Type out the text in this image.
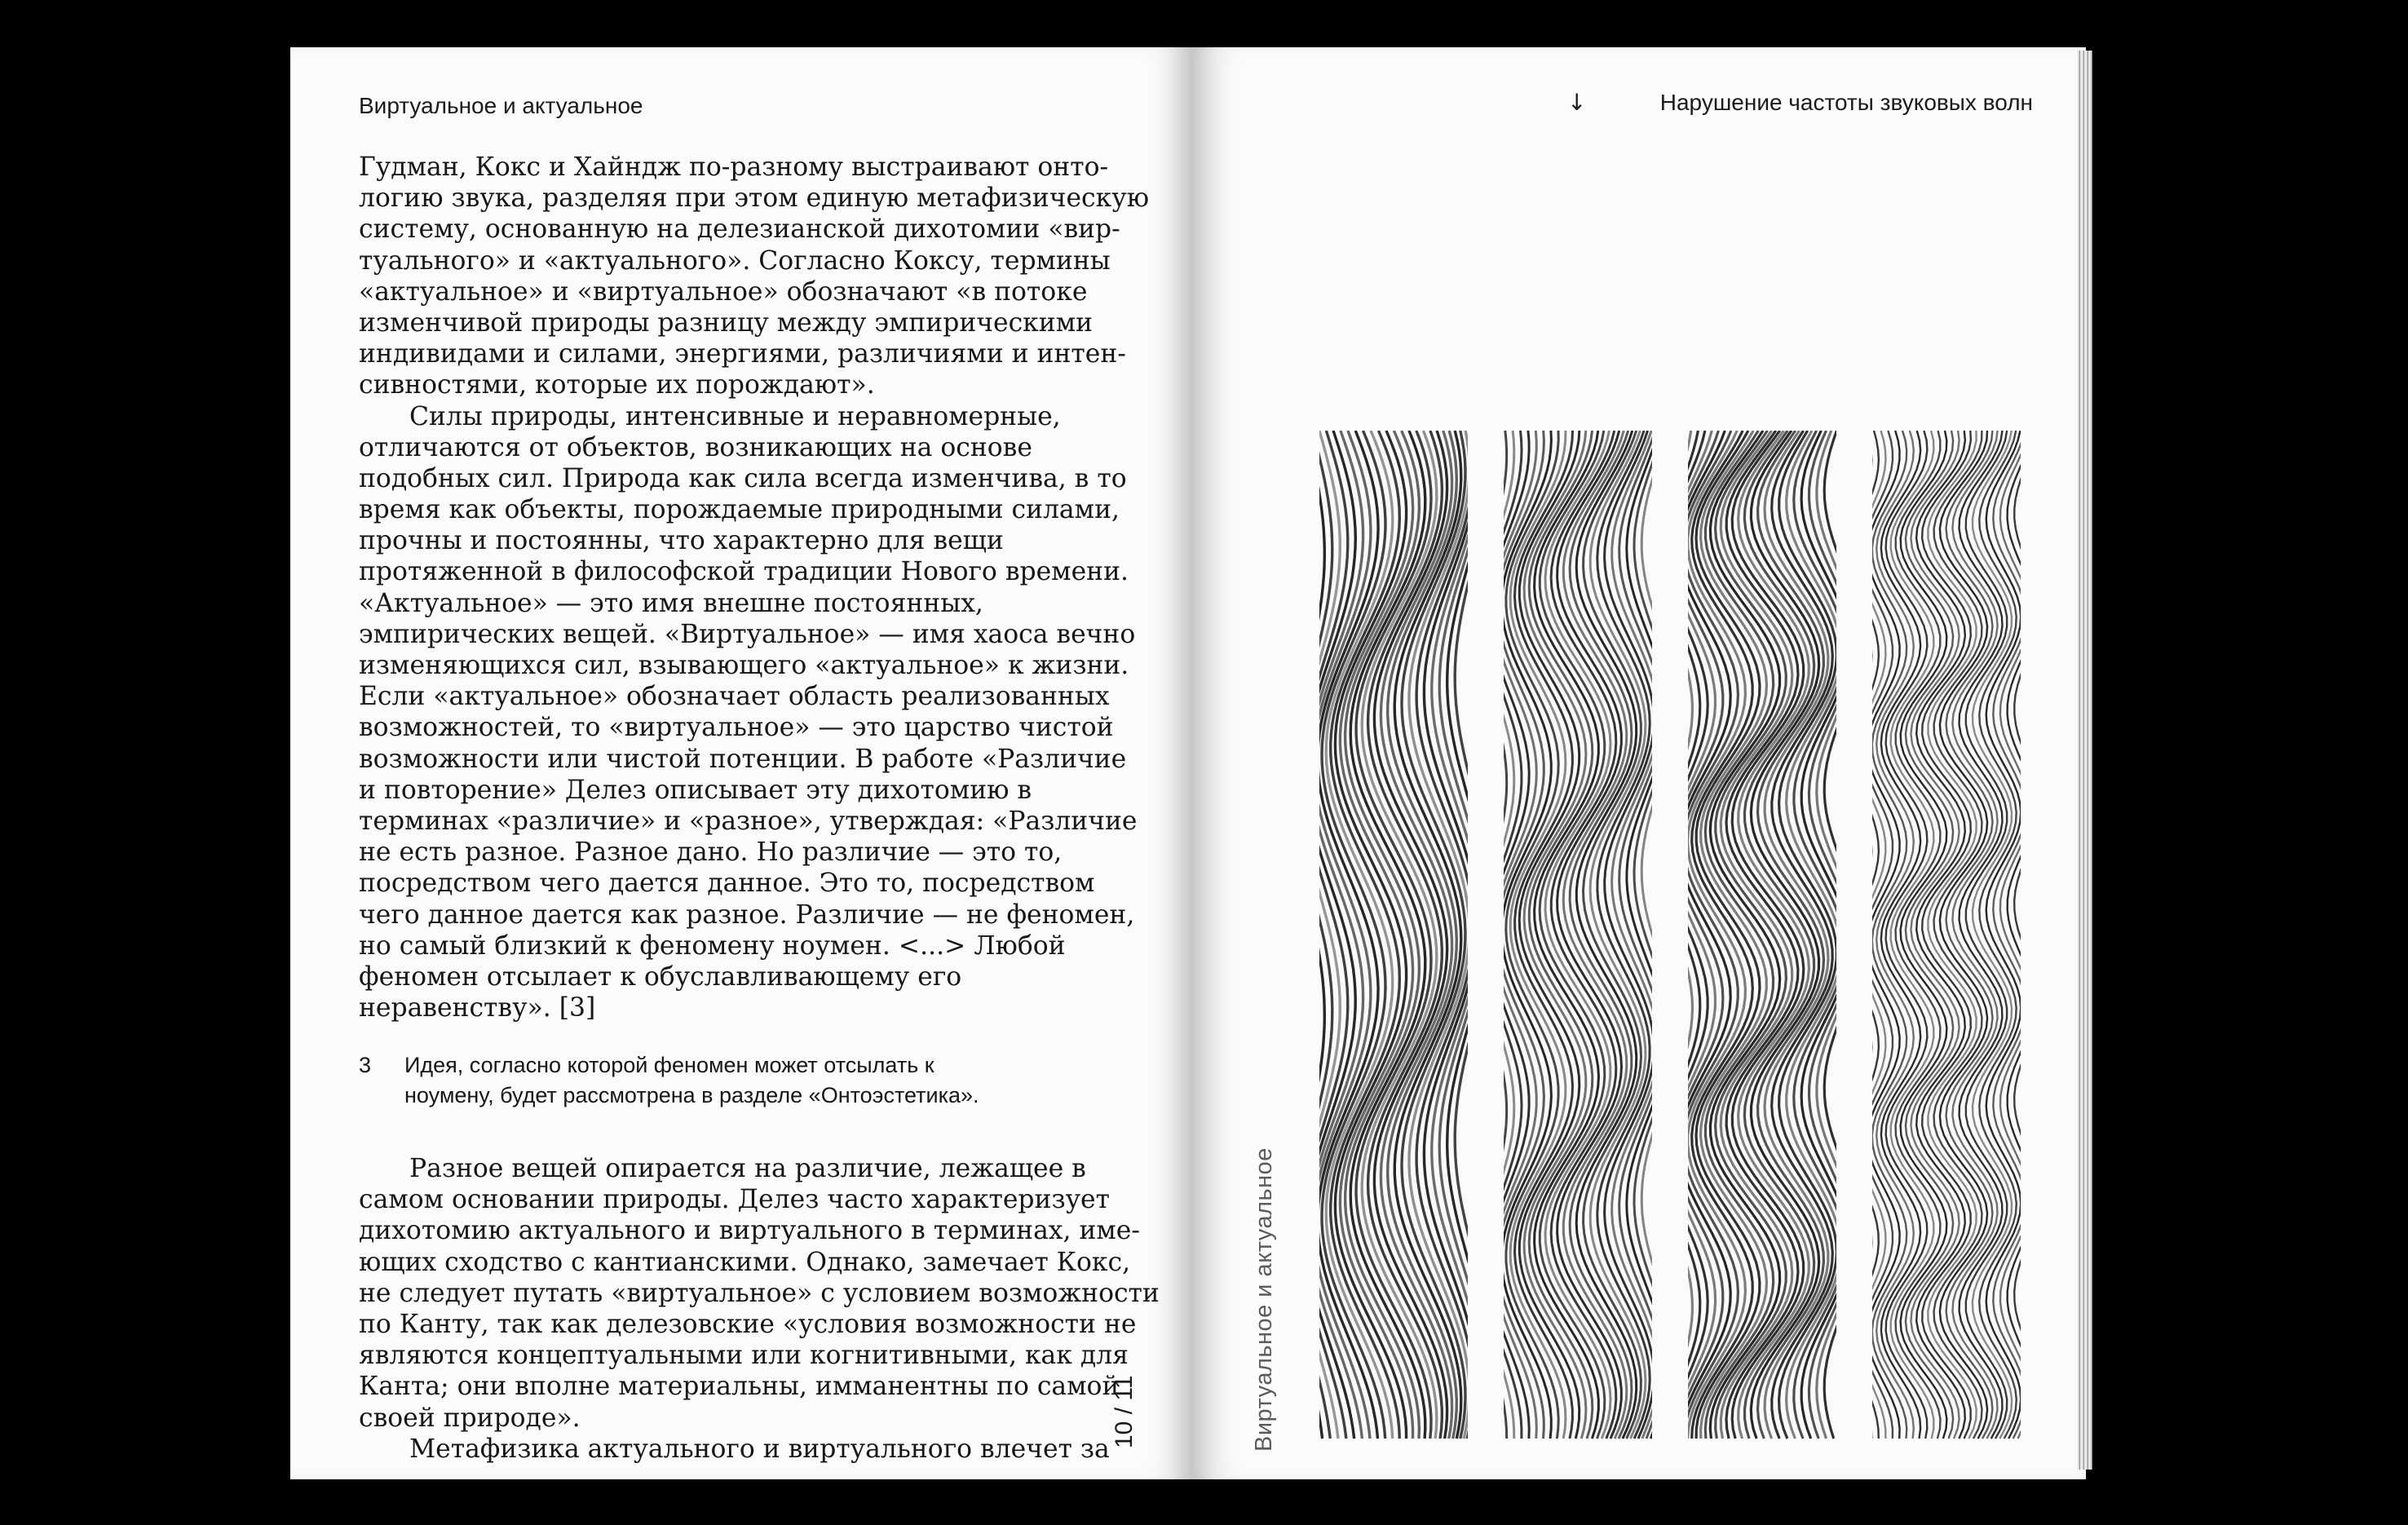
Виртуальное и актуальное	↓	Нарушение частоты звуковых волн
Гудман, Кокс и Хайндж по-разному выстраивают онто-
логию звука, разделяя при этом единую метафизическую
систему, основанную на делезианской дихотомии «вир-
туального» и «актуального». Согласно Коксу, термины
«актуальное» и «виртуальное» обозначают «в потоке
изменчивой природы разницу между эмпирическими
индивидами и силами, энергиями, различиями и интен-
сивностями, которые их порождают».
Силы природы, интенсивные и неравномерные,
отличаются от объектов, возникающих на основе
подобных сил. Природа как сила всегда изменчива, в то
время как объекты, порождаемые природными силами,
прочны и постоянны, что характерно для вещи
протяженной в философской традиции Нового времени.
«Актуальное» — это имя внешне постоянных,
эмпирических вещей. «Виртуальное» — имя хаоса вечно
изменяющихся сил, взывающего «актуальное» к жизни.
Если «актуальное» обозначает область реализованных
возможностей, то «виртуальное» — это царство чистой
возможности или чистой потенции. В работе «Различие
и повторение» Делез описывает эту дихотомию в
терминах «различие» и «разное», утверждая: «Различие
не есть разное. Разное дано. Но различие — это то,
посредством чего дается данное. Это то, посредством
чего данное дается как разное. Различие — не феномен,
но самый близкий к феномену ноумен. <...> Любой
феномен отсылает к обуславливающему его
неравенству». [3]
3 Идея, согласно которой феномен может отсылать к
ноумену, будет рассмотрена в разделе «Онтоэстетика».
Разное вещей опирается на различие, лежащее в
самом основании природы. Делез часто характеризует
дихотомию актуального и виртуального в терминах, име-
ющих сходство с кантианскими. Однако, замечает Кокс,
не следует путать «виртуальное» с условием возможности
по Канту, так как делезовские «условия возможности не
являются концептуальными или когнитивными, как для
Канта; они вполне материальны, имманентны по самой
своей природе».
Метафизика актуального и виртуального влечет за
10 / 11	Виртуальное и актуальное
